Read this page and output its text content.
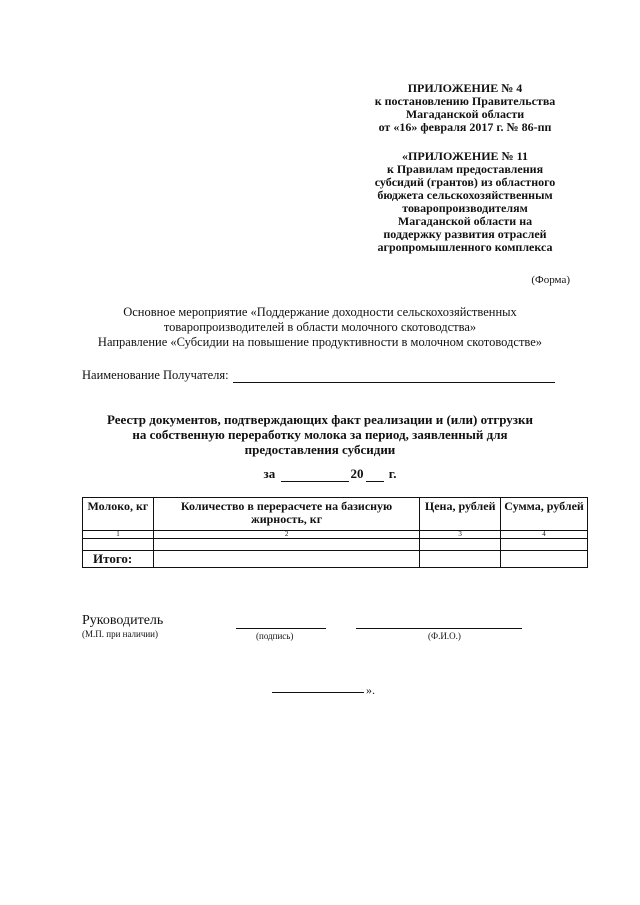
ПРИЛОЖЕНИЕ № 4
к постановлению Правительства
Магаданской области
от «16» февраля 2017 г. № 86-пп
«ПРИЛОЖЕНИЕ № 11
к Правилам предоставления
субсидий (грантов) из областного
бюджета сельскохозяйственным
товаропроизводителям
Магаданской области на
поддержку развития отраслей
агропромышленного комплекса
(Форма)
Основное мероприятие «Поддержание доходности сельскохозяйственных
товаропроизводителей в области молочного скотоводства»
Направление «Субсидии на повышение продуктивности в молочном скотоводстве»
Наименование Получателя:
Реестр документов, подтверждающих факт реализации и (или) отгрузки
на собственную переработку молока за период, заявленный для
предоставления субсидии
за	20 г.
Молоко, кг	Количество в перерасчете на базисную жирность, кг	Цена, рублей	Сумма, рублей
1	2	3	4

Итого:			
Руководитель
(М.П. при наличии)	(подпись)	(Ф.И.О.)
».
